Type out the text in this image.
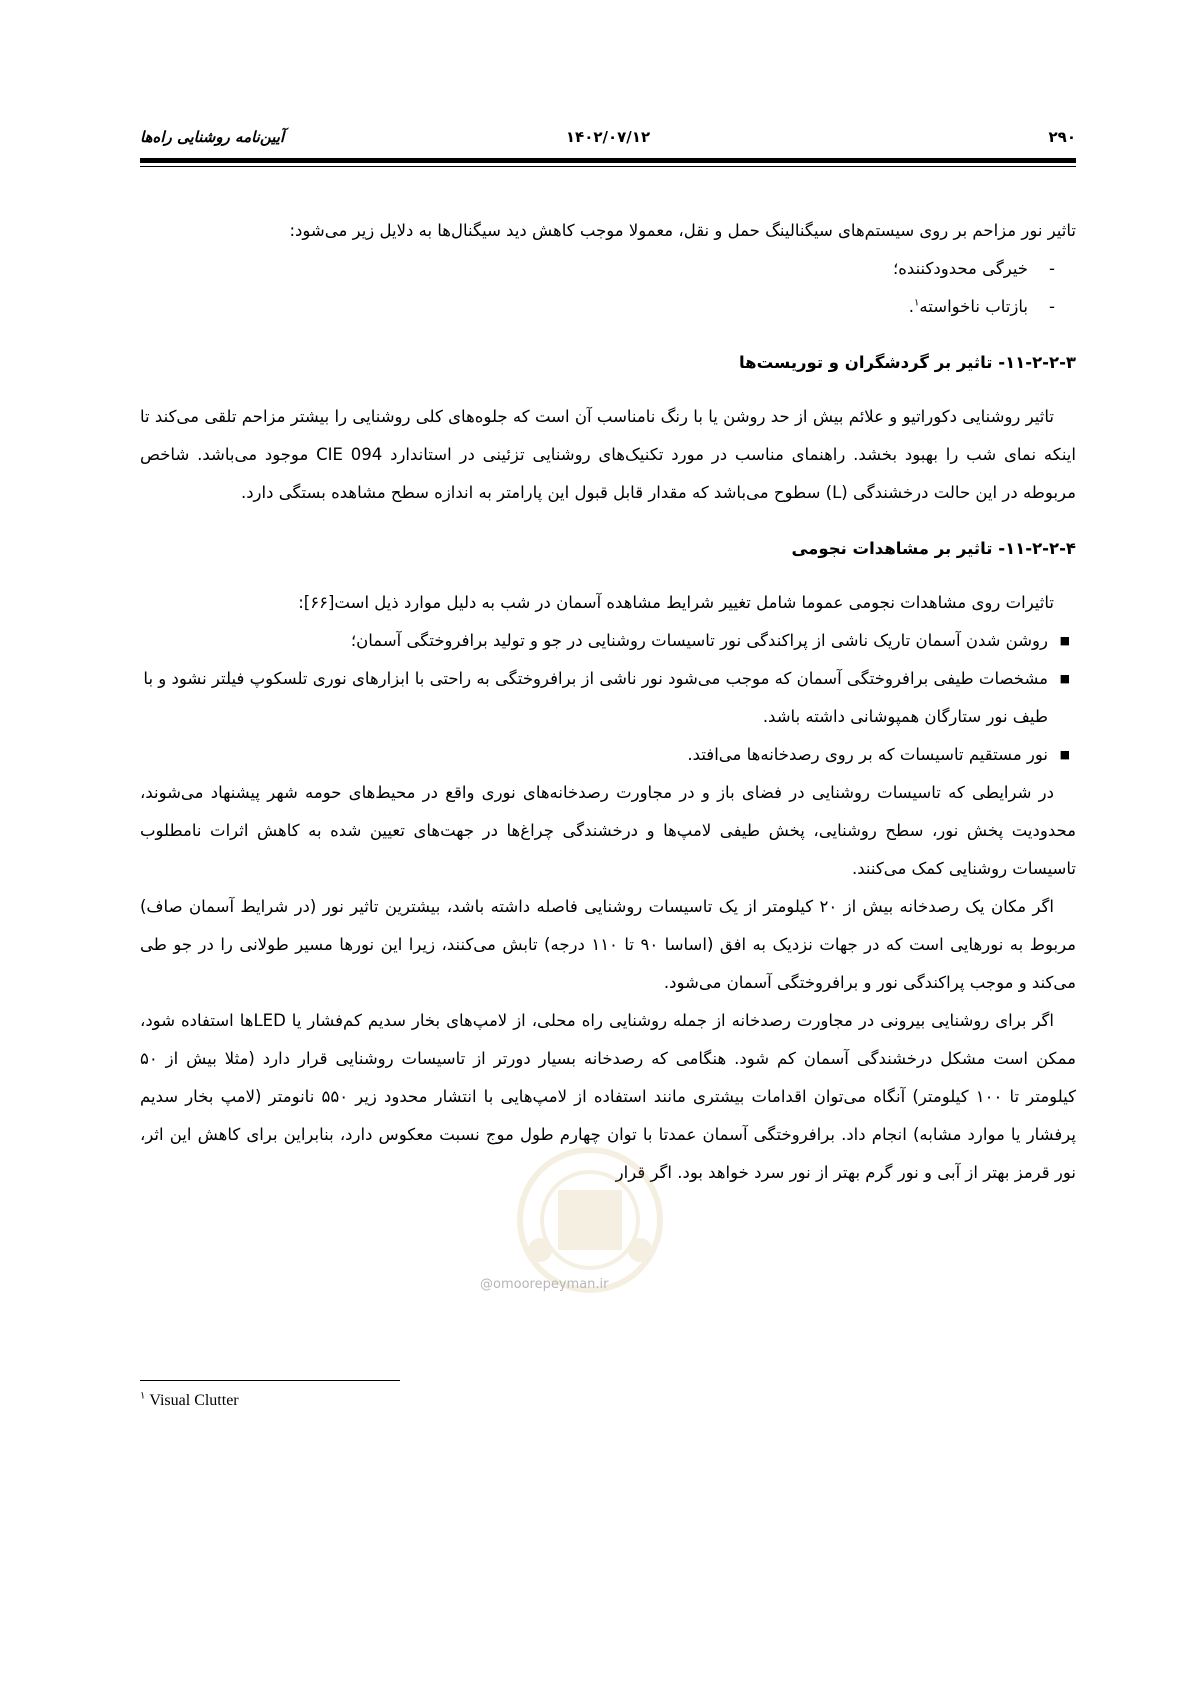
۲۹۰
۱۴۰۲/۰۷/۱۲
آیین‌نامه روشنایی راه‌ها

تاثیر نور مزاحم بر روی سیستم‌های سیگنالینگ حمل و نقل، معمولا موجب کاهش دید سیگنال‌ها به دلایل زیر می‌شود:

-
خیرگی محدودکننده؛
-
بازتاب ناخواسته$^۱$.
۱۱-۲-۲-۳- تاثیر بر گردشگران و توریست‌ها

تاثیر روشنایی دکوراتیو و علائم بیش از حد روشن یا با رنگ نامناسب آن است که جلوه‌های کلی روشنایی را بیشتر مزاحم تلقی می‌کند تا اینکه نمای شب را بهبود بخشد. راهنمای مناسب در مورد تکنیک‌های روشنایی تزئینی در استاندارد CIE 094 موجود می‌باشد. شاخص مربوطه در این حالت درخشندگی (L) سطوح می‌باشد که مقدار قابل قبول این پارامتر به اندازه سطح مشاهده بستگی دارد.

۱۱-۲-۲-۴- تاثیر بر مشاهدات نجومی

تاثیرات روی مشاهدات نجومی عموما شامل تغییر شرایط مشاهده آسمان در شب به دلیل موارد ذیل است[۶۶]:

■
روشن شدن آسمان تاریک ناشی از پراکندگی نور تاسیسات روشنایی در جو و تولید برافروختگی آسمان؛
■
مشخصات طیفی برافروختگی آسمان که موجب می‌شود نور ناشی از برافروختگی به راحتی با ابزارهای نوری تلسکوپ فیلتر نشود و با طیف نور ستارگان همپوشانی داشته باشد.
■
نور مستقیم تاسیسات که بر روی رصدخانه‌ها می‌افتد.

در شرایطی که تاسیسات روشنایی در فضای باز و در مجاورت رصدخانه‌های نوری واقع در محیط‌های حومه شهر پیشنهاد می‌شوند، محدودیت پخش نور، سطح روشنایی، پخش طیفی لامپ‌ها و درخشندگی چراغ‌ها در جهت‌های تعیین شده به کاهش اثرات نامطلوب تاسیسات روشنایی کمک می‌کنند.

اگر مکان یک رصدخانه بیش از ۲۰ کیلومتر از یک تاسیسات روشنایی فاصله داشته باشد، بیشترین تاثیر نور (در شرایط آسمان صاف) مربوط به نورهایی است که در جهات نزدیک به افق (اساسا ۹۰ تا ۱۱۰ درجه) تابش می‌کنند، زیرا این نورها مسیر طولانی را در جو طی می‌کند و موجب پراکندگی نور و برافروختگی آسمان می‌شود.

اگر برای روشنایی بیرونی در مجاورت رصدخانه از جمله روشنایی راه محلی، از لامپ‌های بخار سدیم کم‌فشار یا LEDها استفاده شود، ممکن است مشکل درخشندگی آسمان کم شود. هنگامی که رصدخانه بسیار دورتر از تاسیسات روشنایی قرار دارد (مثلا بیش از ۵۰ کیلومتر تا ۱۰۰ کیلومتر) آنگاه می‌توان اقدامات بیشتری مانند استفاده از لامپ‌هایی با انتشار محدود زیر ۵۵۰ نانومتر (لامپ بخار سدیم پرفشار یا موارد مشابه) انجام داد. برافروختگی آسمان عمدتا با توان چهارم طول موج نسبت معکوس دارد، بنابراین برای کاهش این اثر، نور قرمز بهتر از آبی و نور گرم بهتر از نور سرد خواهد بود. اگر قرار

@omoorepeyman.ir
$^۱$ Visual Clutter
